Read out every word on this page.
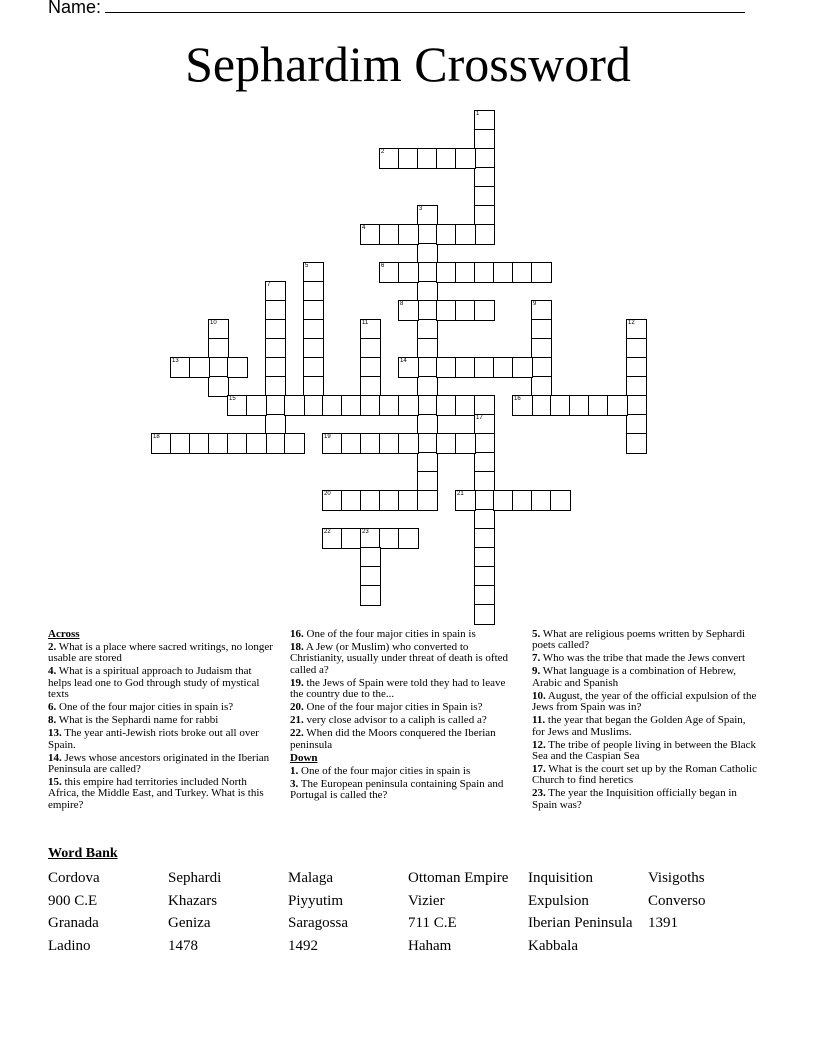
Name:
Sephardim Crossword
1
2
3
4
5	6
7
8	9
10	11	12
13	14
15	16
17
18	19
20	21
22	23
Across
2. What is a place where sacred writings, no longer usable are stored
4. What is a spiritual approach to Judaism that helps lead one to God through study of mystical texts
6. One of the four major cities in spain is?
8. What is the Sephardi name for rabbi
13. The year anti-Jewish riots broke out all over Spain.
14. Jews whose ancestors originated in the Iberian Peninsula are called?
15. this empire had territories included North Africa, the Middle East, and Turkey. What is this empire?
16. One of the four major cities in spain is
18. A Jew (or Muslim) who converted to Christianity, usually under threat of death is ofted called a?
19. the Jews of Spain were told they had to leave the country due to the...
20. One of the four major cities in Spain is?
21. very close advisor to a caliph is called a?
22. When did the Moors conquered the Iberian peninsula
Down
1. One of the four major cities in spain is
3. The European peninsula containing Spain and Portugal is called the?
5. What are religious poems written by Sephardi poets called?
7. Who was the tribe that made the Jews convert
9. What language is a combination of Hebrew, Arabic and Spanish
10. August, the year of the official expulsion of the Jews from Spain was in?
11. the year that began the Golden Age of Spain, for Jews and Muslims.
12. The tribe of people living in between the Black Sea and the Caspian Sea
17. What is the court set up by the Roman Catholic Church to find heretics
23. The year the Inquisition officially began in Spain was?
Word Bank
Cordova	Sephardi	Malaga	Ottoman Empire	Inquisition	Visigoths
900 C.E	Khazars	Piyyutim	Vizier	Expulsion	Converso
Granada	Geniza	Saragossa	711 C.E	Iberian Peninsula	1391
Ladino	1478	1492	Haham	Kabbala
